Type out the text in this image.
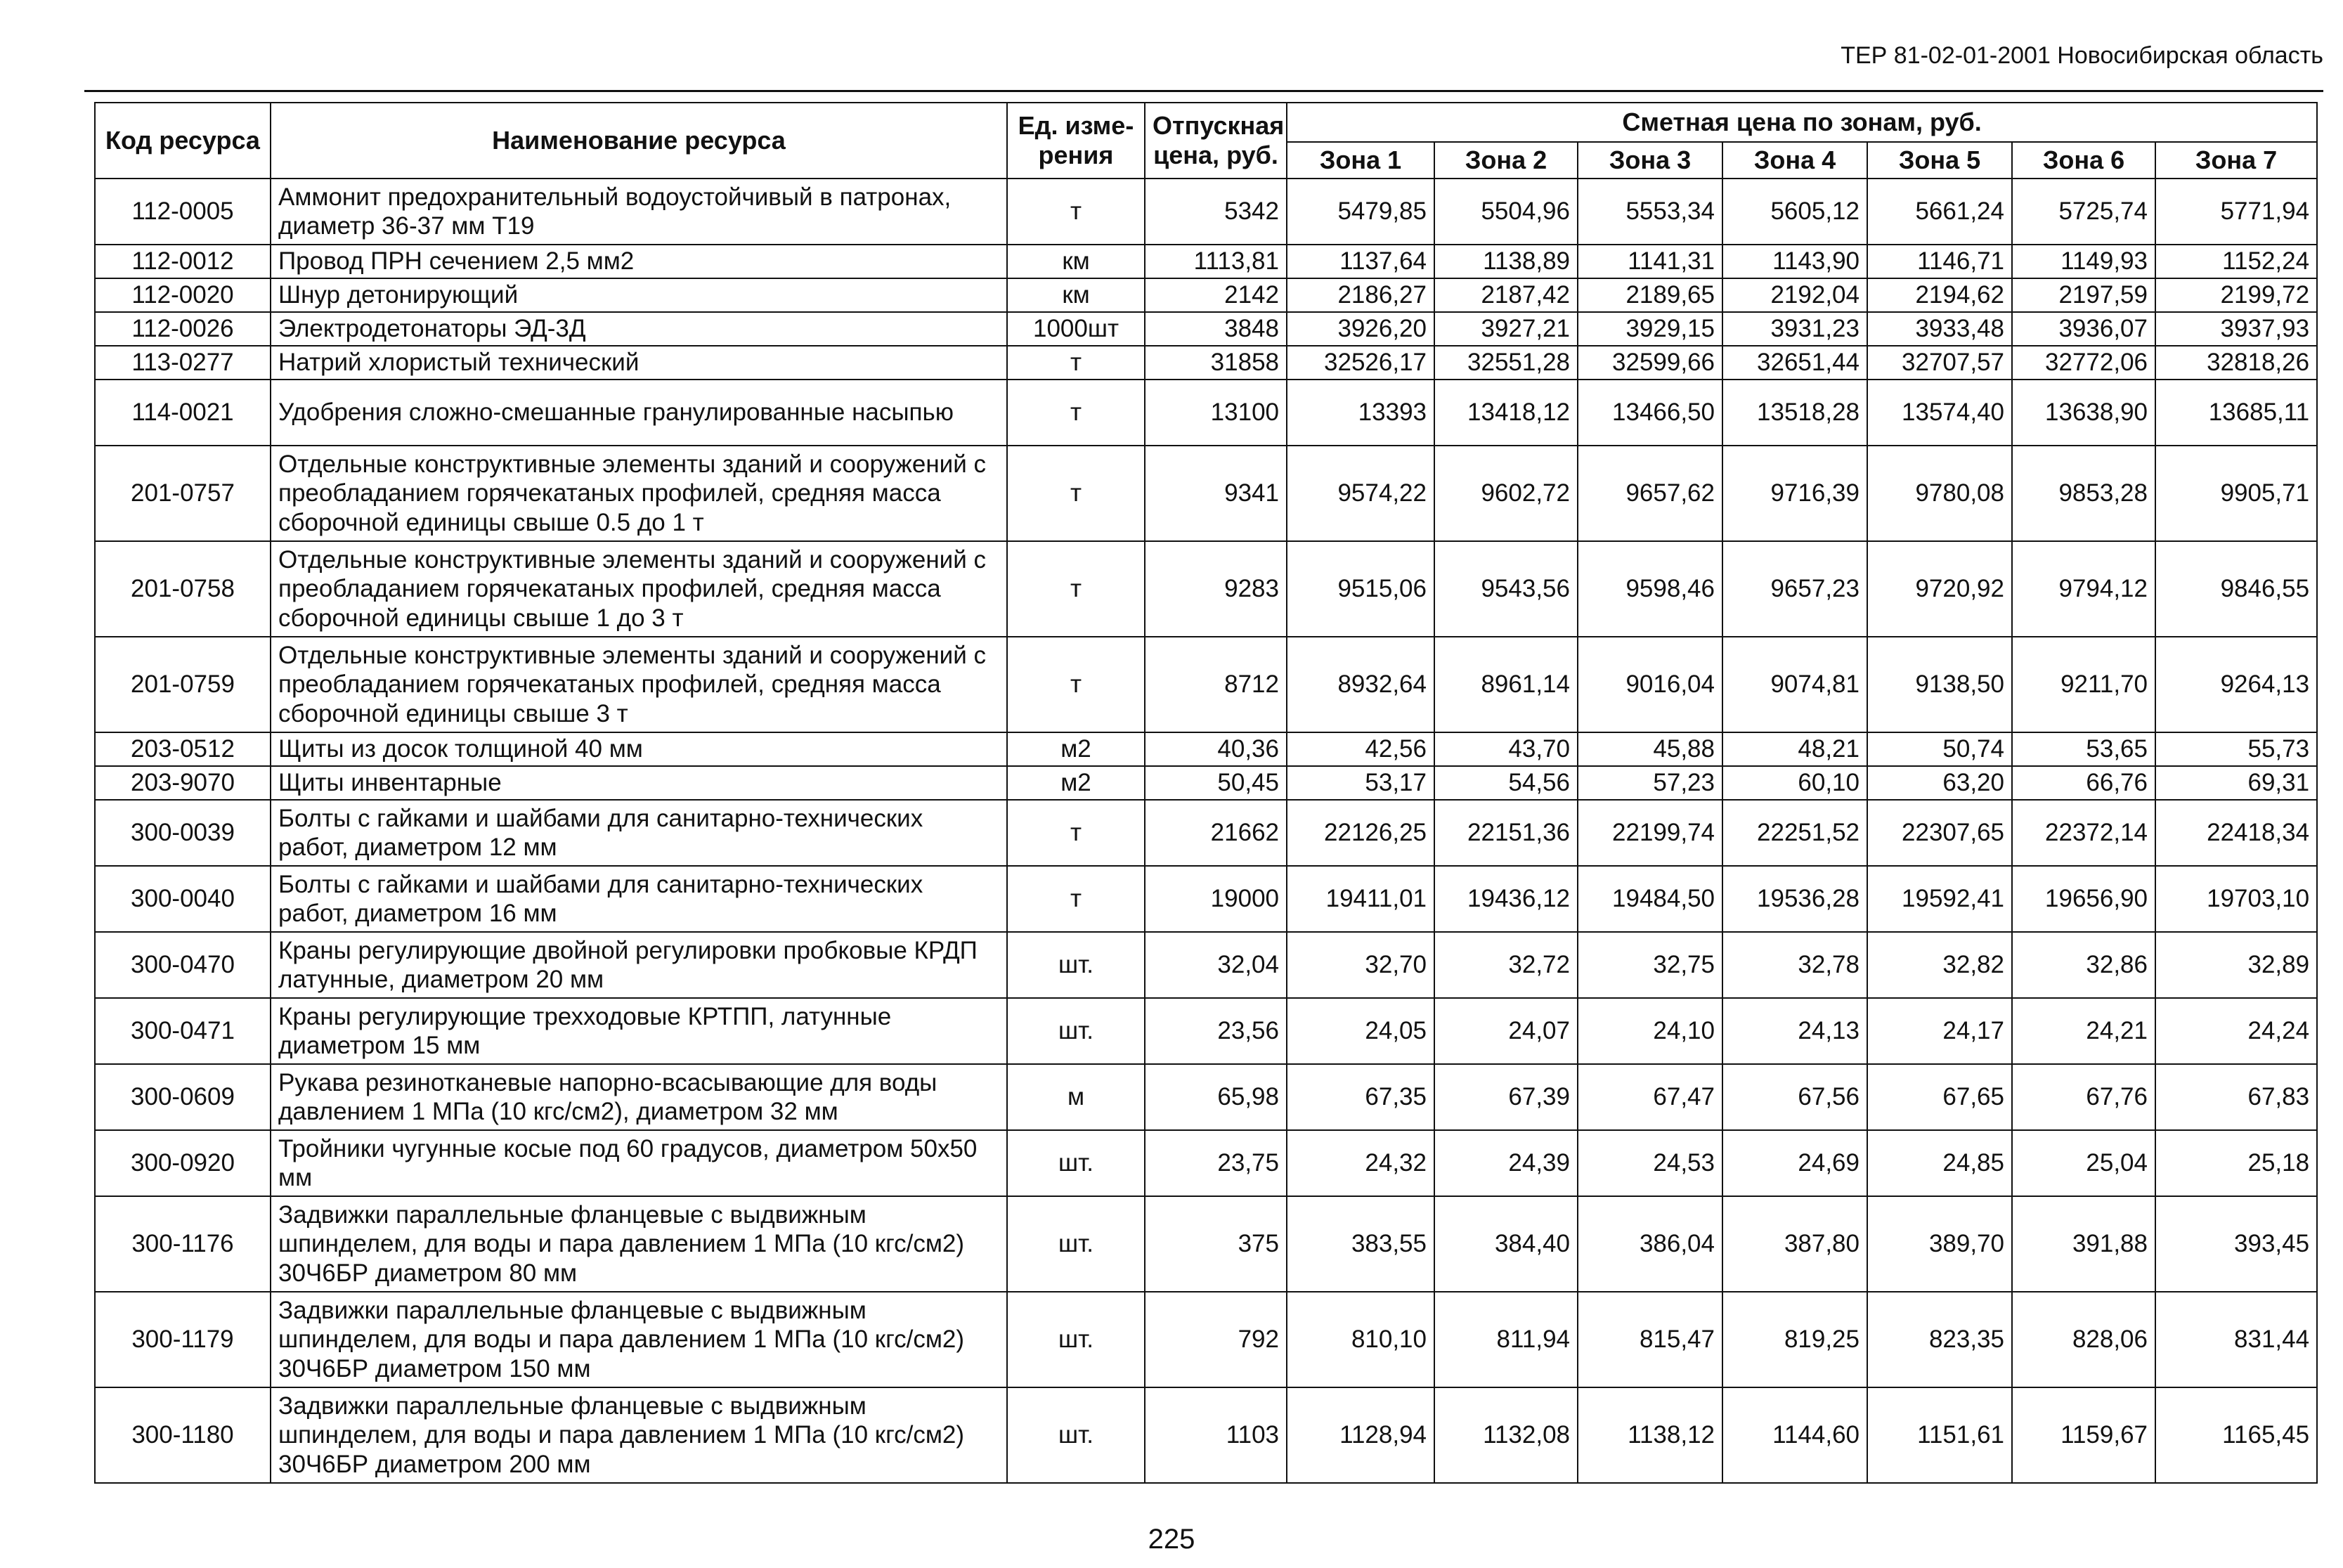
ТЕР 81-02-01-2001 Новосибирская область
Код ресурса	Наименование ресурса	Ед. изме-рения	Отпускная цена, руб.	Сметная цена по зонам, руб.						
				Зона 1	Зона 2	Зона 3	Зона 4	Зона 5	Зона 6	Зона 7
112-0005	Аммонит предохранительный водоустойчивый в патронах, диаметр 36-37 мм Т19	т	5342	5479,85	5504,96	5553,34	5605,12	5661,24	5725,74	5771,94
112-0012	Провод ПРН сечением 2,5 мм2	км	1113,81	1137,64	1138,89	1141,31	1143,90	1146,71	1149,93	1152,24
112-0020	Шнур детонирующий	км	2142	2186,27	2187,42	2189,65	2192,04	2194,62	2197,59	2199,72
112-0026	Электродетонаторы ЭД-3Д	1000шт	3848	3926,20	3927,21	3929,15	3931,23	3933,48	3936,07	3937,93
113-0277	Натрий хлористый технический	т	31858	32526,17	32551,28	32599,66	32651,44	32707,57	32772,06	32818,26
114-0021	Удобрения сложно-смешанные гранулированные насыпью	т	13100	13393	13418,12	13466,50	13518,28	13574,40	13638,90	13685,11
201-0757	Отдельные конструктивные элементы зданий и сооружений с преобладанием горячекатаных профилей, средняя масса сборочной единицы свыше 0.5 до 1 т	т	9341	9574,22	9602,72	9657,62	9716,39	9780,08	9853,28	9905,71
201-0758	Отдельные конструктивные элементы зданий и сооружений с преобладанием горячекатаных профилей, средняя масса сборочной единицы свыше 1 до 3 т	т	9283	9515,06	9543,56	9598,46	9657,23	9720,92	9794,12	9846,55
201-0759	Отдельные конструктивные элементы зданий и сооружений с преобладанием горячекатаных профилей, средняя масса сборочной единицы свыше 3 т	т	8712	8932,64	8961,14	9016,04	9074,81	9138,50	9211,70	9264,13
203-0512	Щиты из досок толщиной 40 мм	м2	40,36	42,56	43,70	45,88	48,21	50,74	53,65	55,73
203-9070	Щиты инвентарные	м2	50,45	53,17	54,56	57,23	60,10	63,20	66,76	69,31
300-0039	Болты с гайками и шайбами для санитарно-технических работ, диаметром 12 мм	т	21662	22126,25	22151,36	22199,74	22251,52	22307,65	22372,14	22418,34
300-0040	Болты с гайками и шайбами для санитарно-технических работ, диаметром 16 мм	т	19000	19411,01	19436,12	19484,50	19536,28	19592,41	19656,90	19703,10
300-0470	Краны регулирующие двойной регулировки пробковые КРДП латунные, диаметром 20 мм	шт.	32,04	32,70	32,72	32,75	32,78	32,82	32,86	32,89
300-0471	Краны регулирующие трехходовые КРТПП, латунные диаметром 15 мм	шт.	23,56	24,05	24,07	24,10	24,13	24,17	24,21	24,24
300-0609	Рукава резинотканевые напорно-всасывающие для воды давлением 1 МПа (10 кгс/см2), диаметром 32 мм	м	65,98	67,35	67,39	67,47	67,56	67,65	67,76	67,83
300-0920	Тройники чугунные косые под 60 градусов, диаметром 50х50 мм	шт.	23,75	24,32	24,39	24,53	24,69	24,85	25,04	25,18
300-1176	Задвижки параллельные фланцевые с выдвижным шпинделем, для воды и пара давлением 1 МПа (10 кгс/см2) 30Ч6БР диаметром 80 мм	шт.	375	383,55	384,40	386,04	387,80	389,70	391,88	393,45
300-1179	Задвижки параллельные фланцевые с выдвижным шпинделем, для воды и пара давлением 1 МПа (10 кгс/см2) 30Ч6БР диаметром 150 мм	шт.	792	810,10	811,94	815,47	819,25	823,35	828,06	831,44
300-1180	Задвижки параллельные фланцевые с выдвижным шпинделем, для воды и пара давлением 1 МПа (10 кгс/см2) 30Ч6БР диаметром 200 мм	шт.	1103	1128,94	1132,08	1138,12	1144,60	1151,61	1159,67	1165,45
225
